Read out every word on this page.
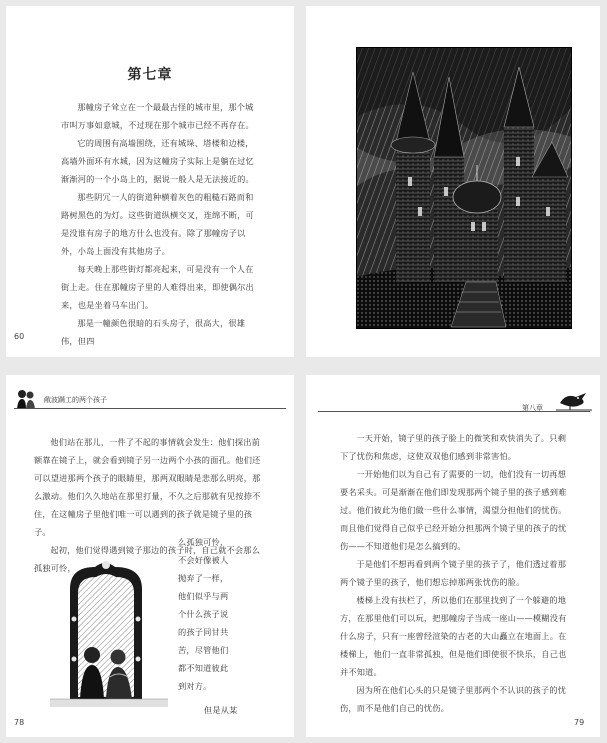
第七章

那幢房子耸立在一个最最古怪的城市里，那个城市叫万事如意城，不过现在那个城市已经不再存在。

它的周围有高墙围绕，还有城垛、塔楼和边楼，高墙外面环有水城，因为这幢房子实际上是躺在过忆渐渐河的一个小岛上的，据说一般人是无法接近的。

那些阴冗一人的街道种横着灰色的粗糙石路而和路树黑色的为灯。这些街道纵横交叉，连绵不断，可是没谁有房子的地方什么也没有。除了那幢房子以外，小岛上面没有其他房子。

每天晚上那些街灯都亮起来，可是没有一个人在街上走。住在那幢房子里的人难得出来，即使偶尔出来，也是坐着马车出门。

那是一幢颜色很暗的石头房子，很高大，很雄伟，但四

60
敞波蹒工的两个孩子

他们站在那儿，一件了不起的事情就会发生：他们探出前额靠在镜子上，就会看到镜子另一边两个小孩的面孔。他们还可以望进那两个孩子的眼睛里，那两双眼睛是悲那么明亮，那么激动。他们久久地站在那里打量，不久之后那就有见按捺不住，在这幢房子里他们唯一可以遇到的孩子就是镜子里的孩子。

起初，他们觉得遇到镜子那边的孩子时，自己就不会那么孤独可怜，

么孤独可怜，
不会好像被人
抛弃了一样，
他们似乎与两
个什么孩子说
的孩子同甘共
苦，尽管他们
都不知道彼此
到对方。
但是从某
78
第八章

一天开始，镜子里的孩子脸上的微笑和欢快消失了。只剩下了忧伤和焦虑，这使双双他们感到非常害怕。

一开始他们以为自己有了需要的一切，他们没有一切再想要名采头。可是渐渐在他们即发现那两个镜子里的孩子感到难过。他们彼此为他们做一些什么事情，渴望分担他们的忧伤。而且他们觉得自己似乎已经开始分担那两个镜子里的孩子的忧伤——不知道他们是怎么搞到的。

于是他们不想再看到两个镜子里的孩子了，他们透过着那两个镜子里的孩子，他们想忘掉那两张忧伤的脸。

楼梯上没有扶栏了，所以他们在那里找到了一个躲避的地方，在那里他们可以玩，把那幢房子当成一座山——模糊没有什么房子，只有一座曾经渲染的古老的大山矗立在地面上。在楼梯上，他们一直非常孤独，但是他们即使很不快乐，自己也并不知道。

因为所在他们心头的只是镜子里那两个不认识的孩子的忧伤，而不是他们自己的忧伤。

79
